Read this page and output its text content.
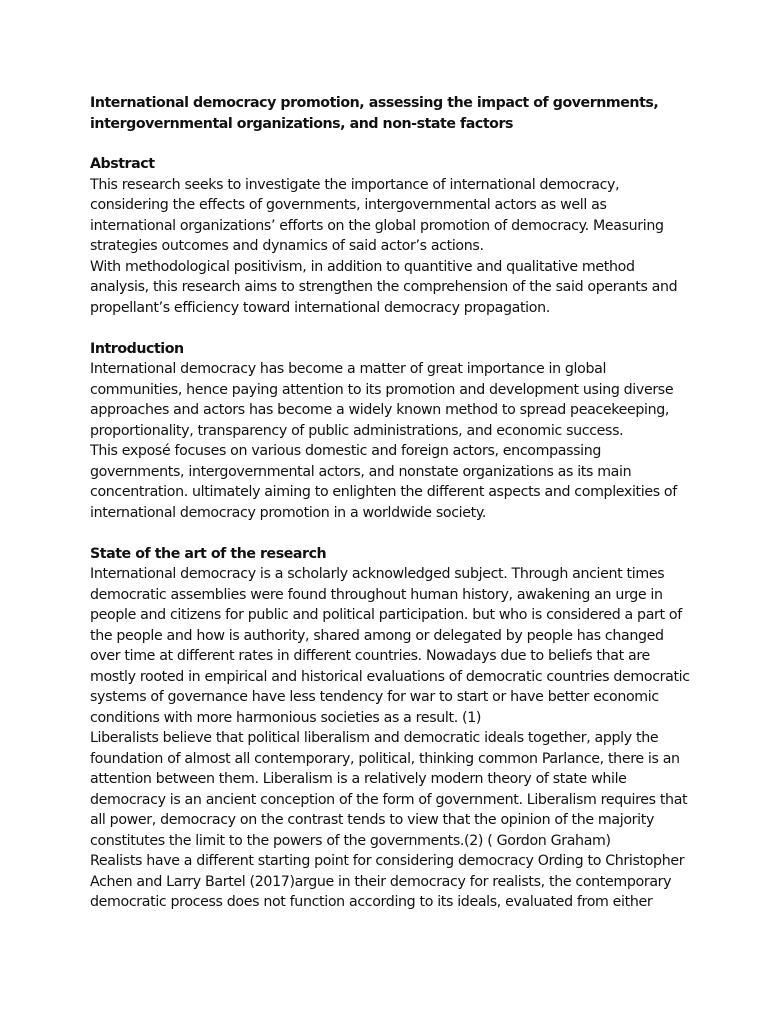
International democracy promotion, assessing the impact of governments,
intergovernmental organizations, and non-state factors
Abstract
This research seeks to investigate the importance of international democracy,
considering the effects of governments, intergovernmental actors as well as
international organizations’ efforts on the global promotion of democracy. Measuring
strategies outcomes and dynamics of said actor’s actions.
With methodological positivism, in addition to quantitive and qualitative method
analysis, this research aims to strengthen the comprehension of the said operants and
propellant’s efficiency toward international democracy propagation.
Introduction
International democracy has become a matter of great importance in global
communities, hence paying attention to its promotion and development using diverse
approaches and actors has become a widely known method to spread peacekeeping,
proportionality, transparency of public administrations, and economic success.
This exposé focuses on various domestic and foreign actors, encompassing
governments, intergovernmental actors, and nonstate organizations as its main
concentration. ultimately aiming to enlighten the different aspects and complexities of
international democracy promotion in a worldwide society.
State of the art of the research
International democracy is a scholarly acknowledged subject. Through ancient times
democratic assemblies were found throughout human history, awakening an urge in
people and citizens for public and political participation. but who is considered a part of
the people and how is authority, shared among or delegated by people has changed
over time at different rates in different countries. Nowadays due to beliefs that are
mostly rooted in empirical and historical evaluations of democratic countries democratic
systems of governance have less tendency for war to start or have better economic
conditions with more harmonious societies as a result. (1)
Liberalists believe that political liberalism and democratic ideals together, apply the
foundation of almost all contemporary, political, thinking common Parlance, there is an
attention between them. Liberalism is a relatively modern theory of state while
democracy is an ancient conception of the form of government. Liberalism requires that
all power, democracy on the contrast tends to view that the opinion of the majority
constitutes the limit to the powers of the governments.(2) ( Gordon Graham)
Realists have a different starting point for considering democracy Ording to Christopher
Achen and Larry Bartel (2017)argue in their democracy for realists, the contemporary
democratic process does not function according to its ideals, evaluated from either
